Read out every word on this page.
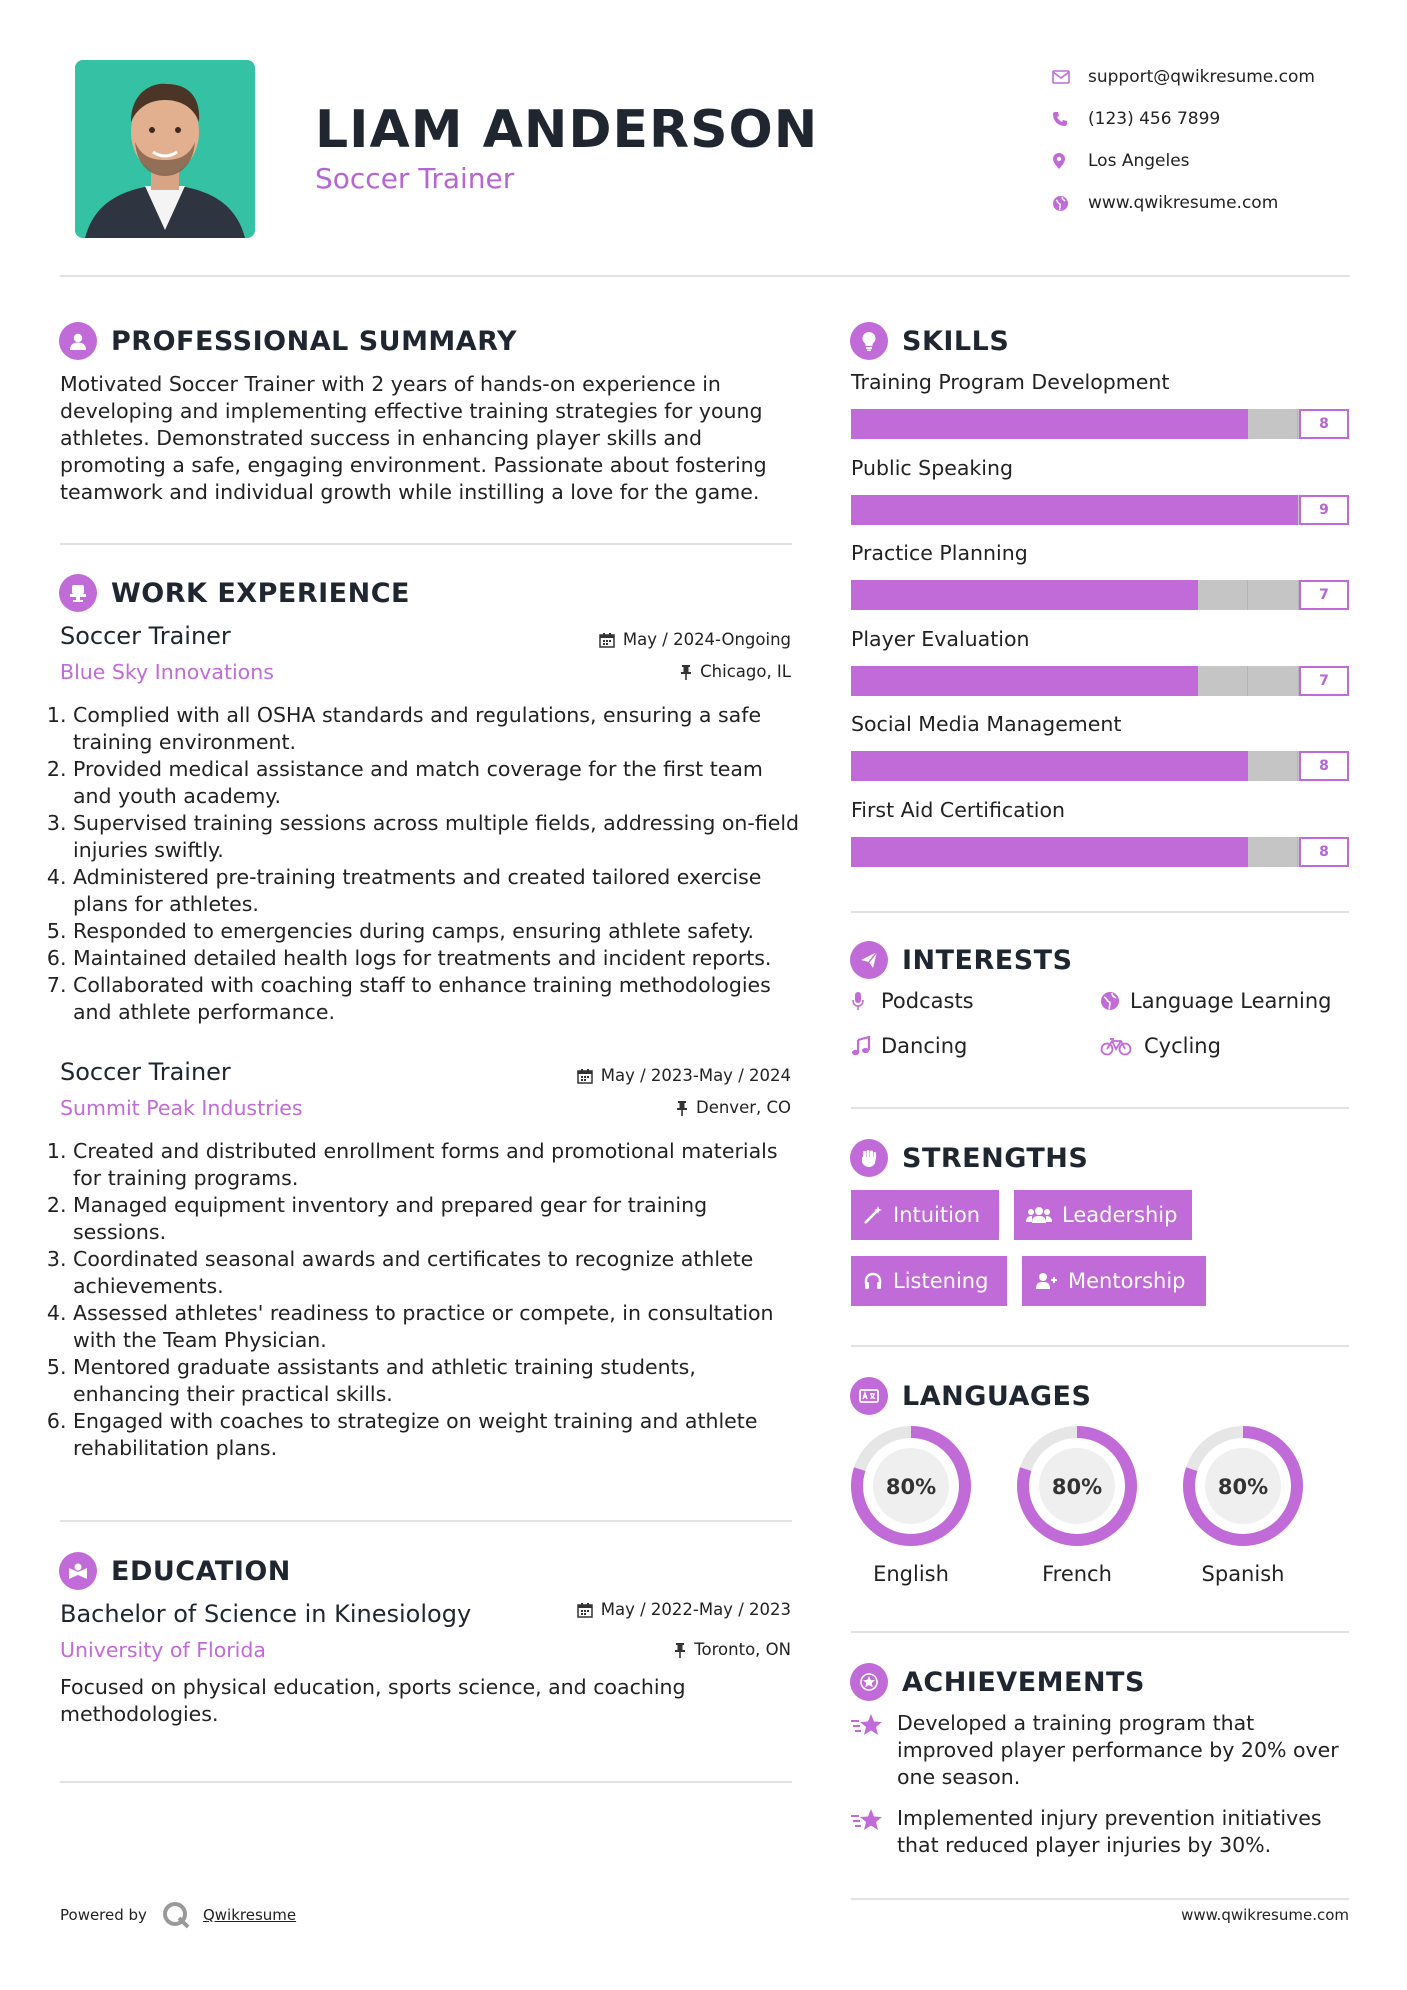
LIAM ANDERSON
Soccer Trainer
support@qwikresume.com
(123) 456 7899
Los Angeles
www.qwikresume.com
PROFESSIONAL SUMMARY
Motivated Soccer Trainer with 2 years of hands-on experience in developing and implementing effective training strategies for young athletes. Demonstrated success in enhancing player skills and promoting a safe, engaging environment. Passionate about fostering teamwork and individual growth while instilling a love for the game.
WORK EXPERIENCE
Soccer Trainer	May / 2024-Ongoing
Blue Sky Innovations	Chicago, IL
1. Complied with all OSHA standards and regulations, ensuring a safe training environment.
2. Provided medical assistance and match coverage for the first team and youth academy.
3. Supervised training sessions across multiple fields, addressing on-field injuries swiftly.
4. Administered pre-training treatments and created tailored exercise plans for athletes.
5. Responded to emergencies during camps, ensuring athlete safety.
6. Maintained detailed health logs for treatments and incident reports.
7. Collaborated with coaching staff to enhance training methodologies and athlete performance.
Soccer Trainer	May / 2023-May / 2024
Summit Peak Industries	Denver, CO
1. Created and distributed enrollment forms and promotional materials for training programs.
2. Managed equipment inventory and prepared gear for training sessions.
3. Coordinated seasonal awards and certificates to recognize athlete achievements.
4. Assessed athletes' readiness to practice or compete, in consultation with the Team Physician.
5. Mentored graduate assistants and athletic training students, enhancing their practical skills.
6. Engaged with coaches to strategize on weight training and athlete rehabilitation plans.
EDUCATION
Bachelor of Science in Kinesiology	May / 2022-May / 2023
University of Florida	Toronto, ON
Focused on physical education, sports science, and coaching methodologies.
SKILLS
Training Program Development
8
Public Speaking
9
Practice Planning
7
Player Evaluation
7
Social Media Management
8
First Aid Certification
8
INTERESTS
Podcasts	Language Learning
Dancing	Cycling
STRENGTHS
Intuition	Leadership
Listening	Mentorship
LANGUAGES
80%
English
80%
French
80%
Spanish
ACHIEVEMENTS
Developed a training program that improved player performance by 20% over one season.
Implemented injury prevention initiatives that reduced player injuries by 30%.
Powered by	Qwikresume	www.qwikresume.com
